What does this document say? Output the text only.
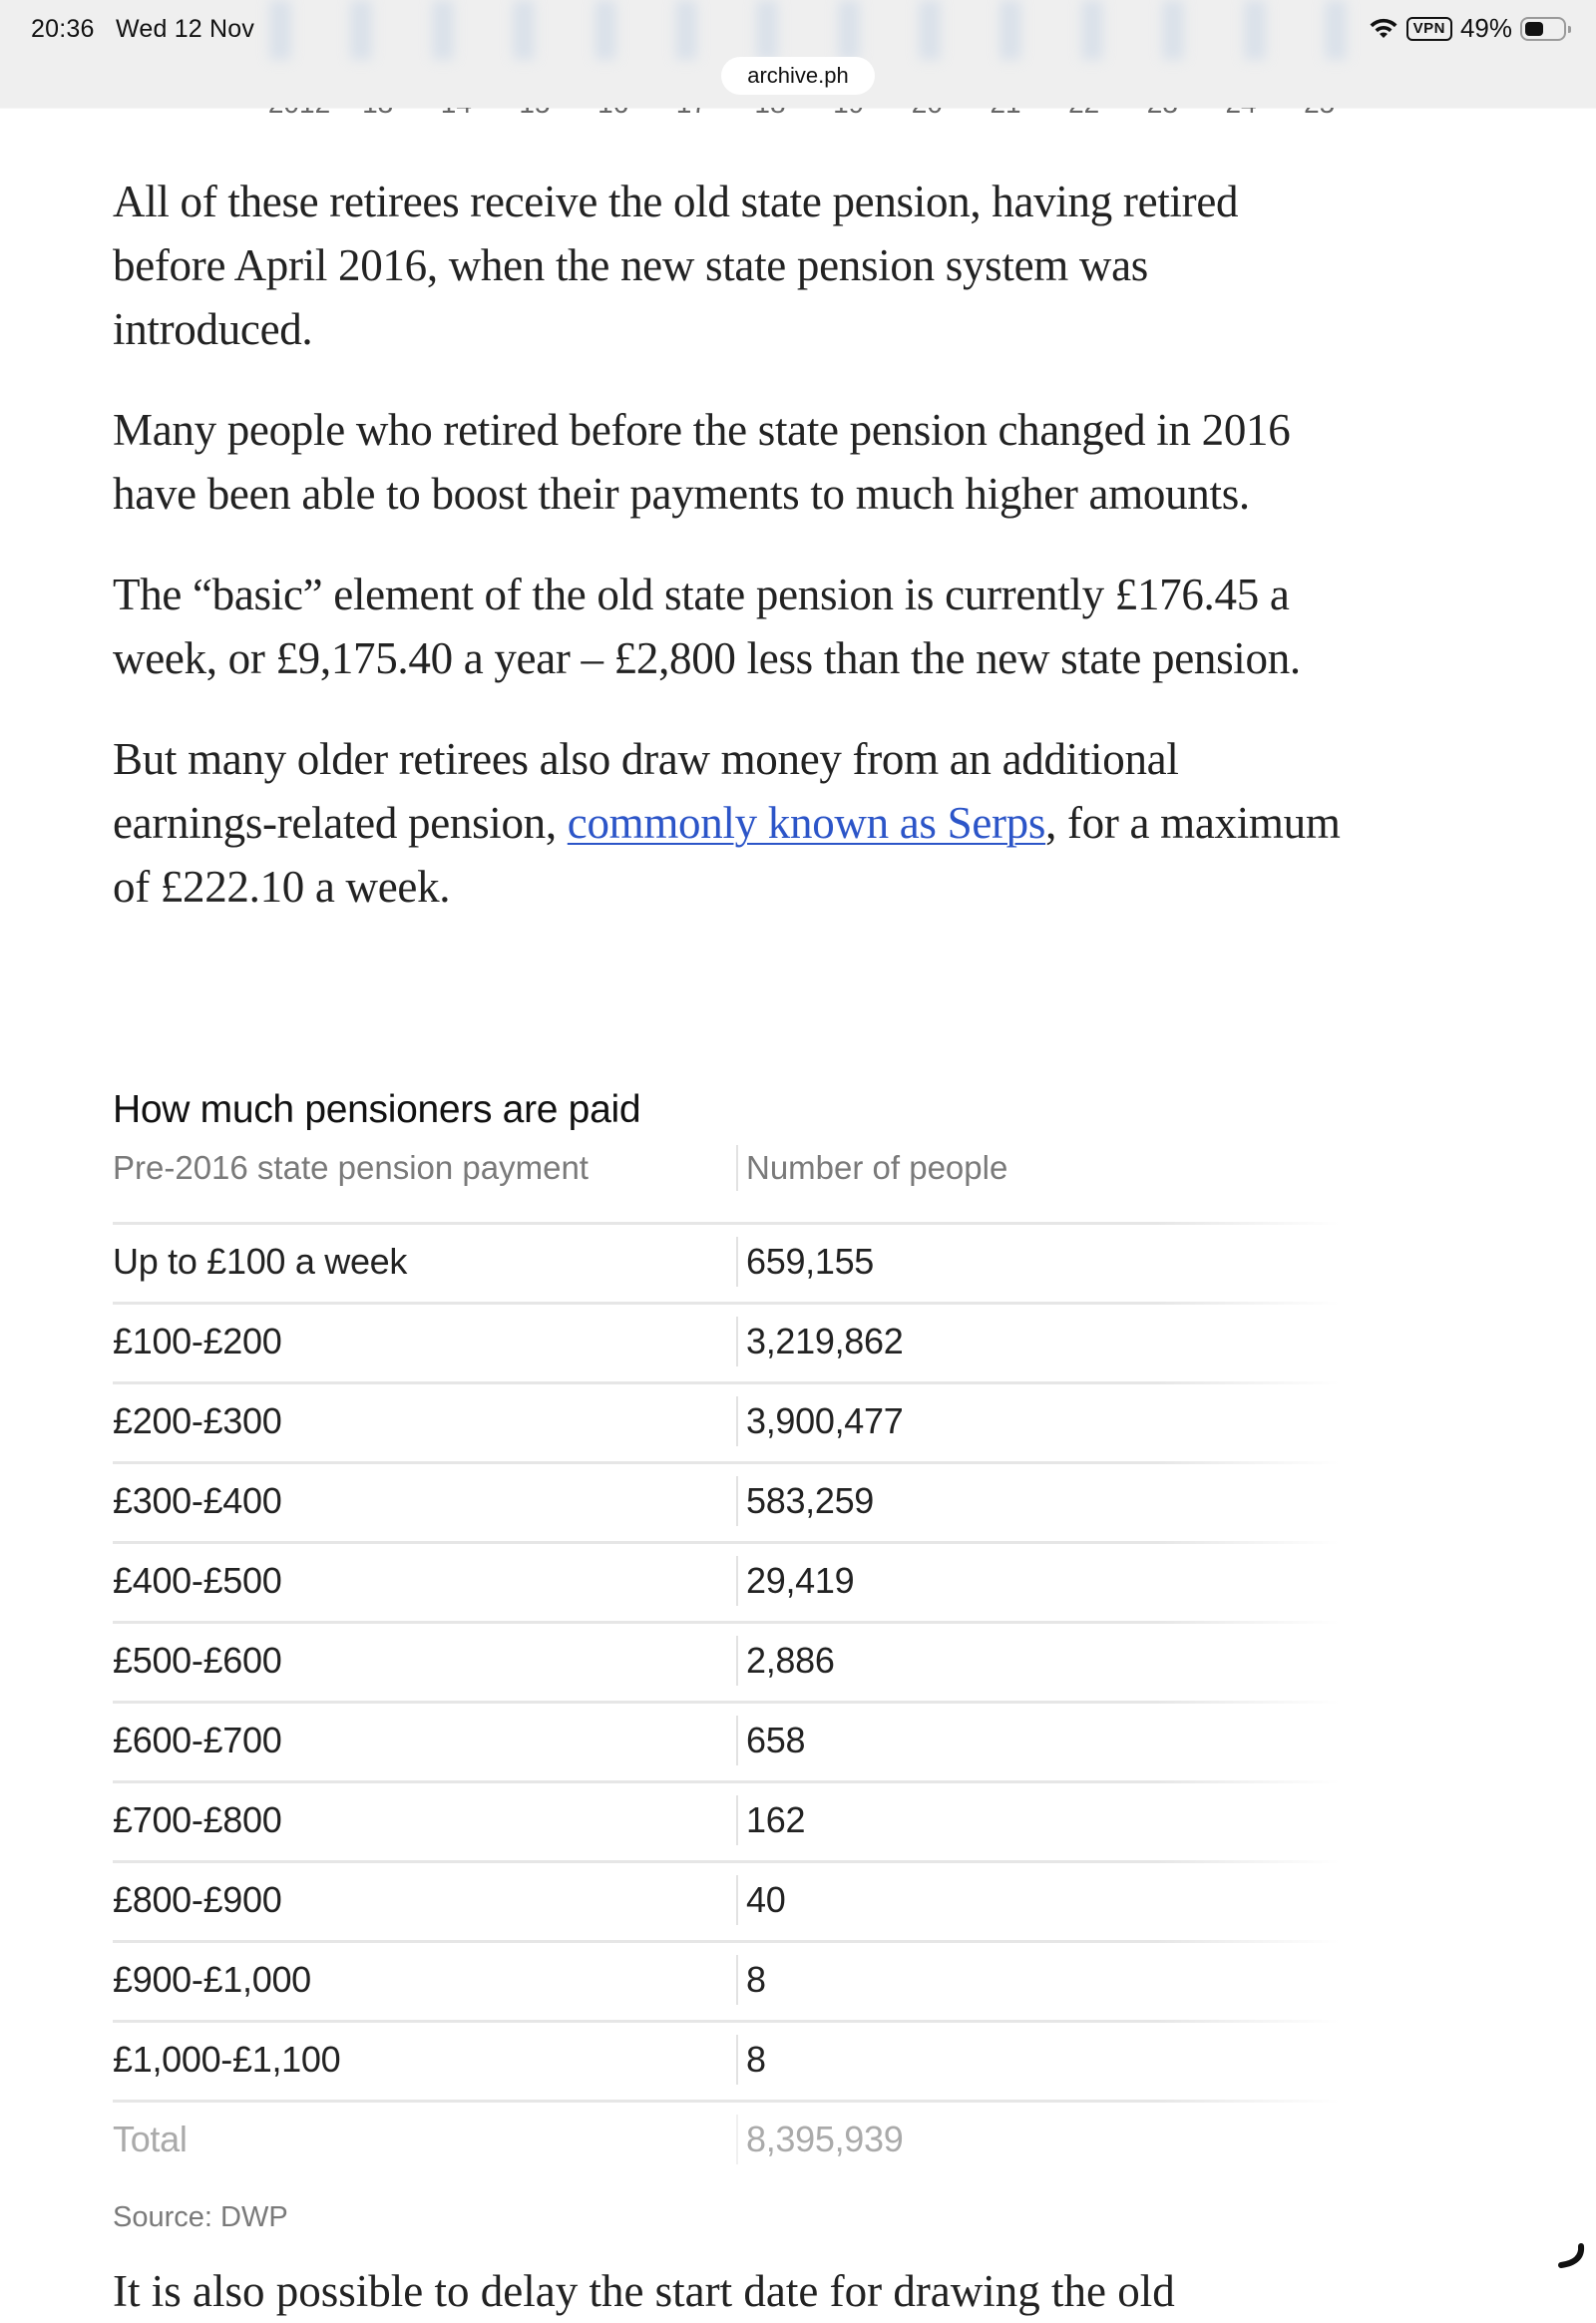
20:36 Wed 12 Nov	VPN 49%
archive.ph

All of these retirees receive the old state pension, having retired before April 2016, when the new state pension system was introduced.

Many people who retired before the state pension changed in 2016 have been able to boost their payments to much higher amounts.

The “basic” element of the old state pension is currently £176.45 a week, or £9,175.40 a year – £2,800 less than the new state pension.

But many older retirees also draw money from an additional earnings-related pension, commonly known as Serps, for a maximum of £222.10 a week.

How much pensioners are paid
Pre-2016 state pension payment	Number of people
Up to £100 a week	659,155
£100-£200	3,219,862
£200-£300	3,900,477
£300-£400	583,259
£400-£500	29,419
£500-£600	2,886
£600-£700	658
£700-£800	162
£800-£900	40
£900-£1,000	8
£1,000-£1,100	8
Total	8,395,939
Source: DWP
It is also possible to delay the start date for drawing the old
